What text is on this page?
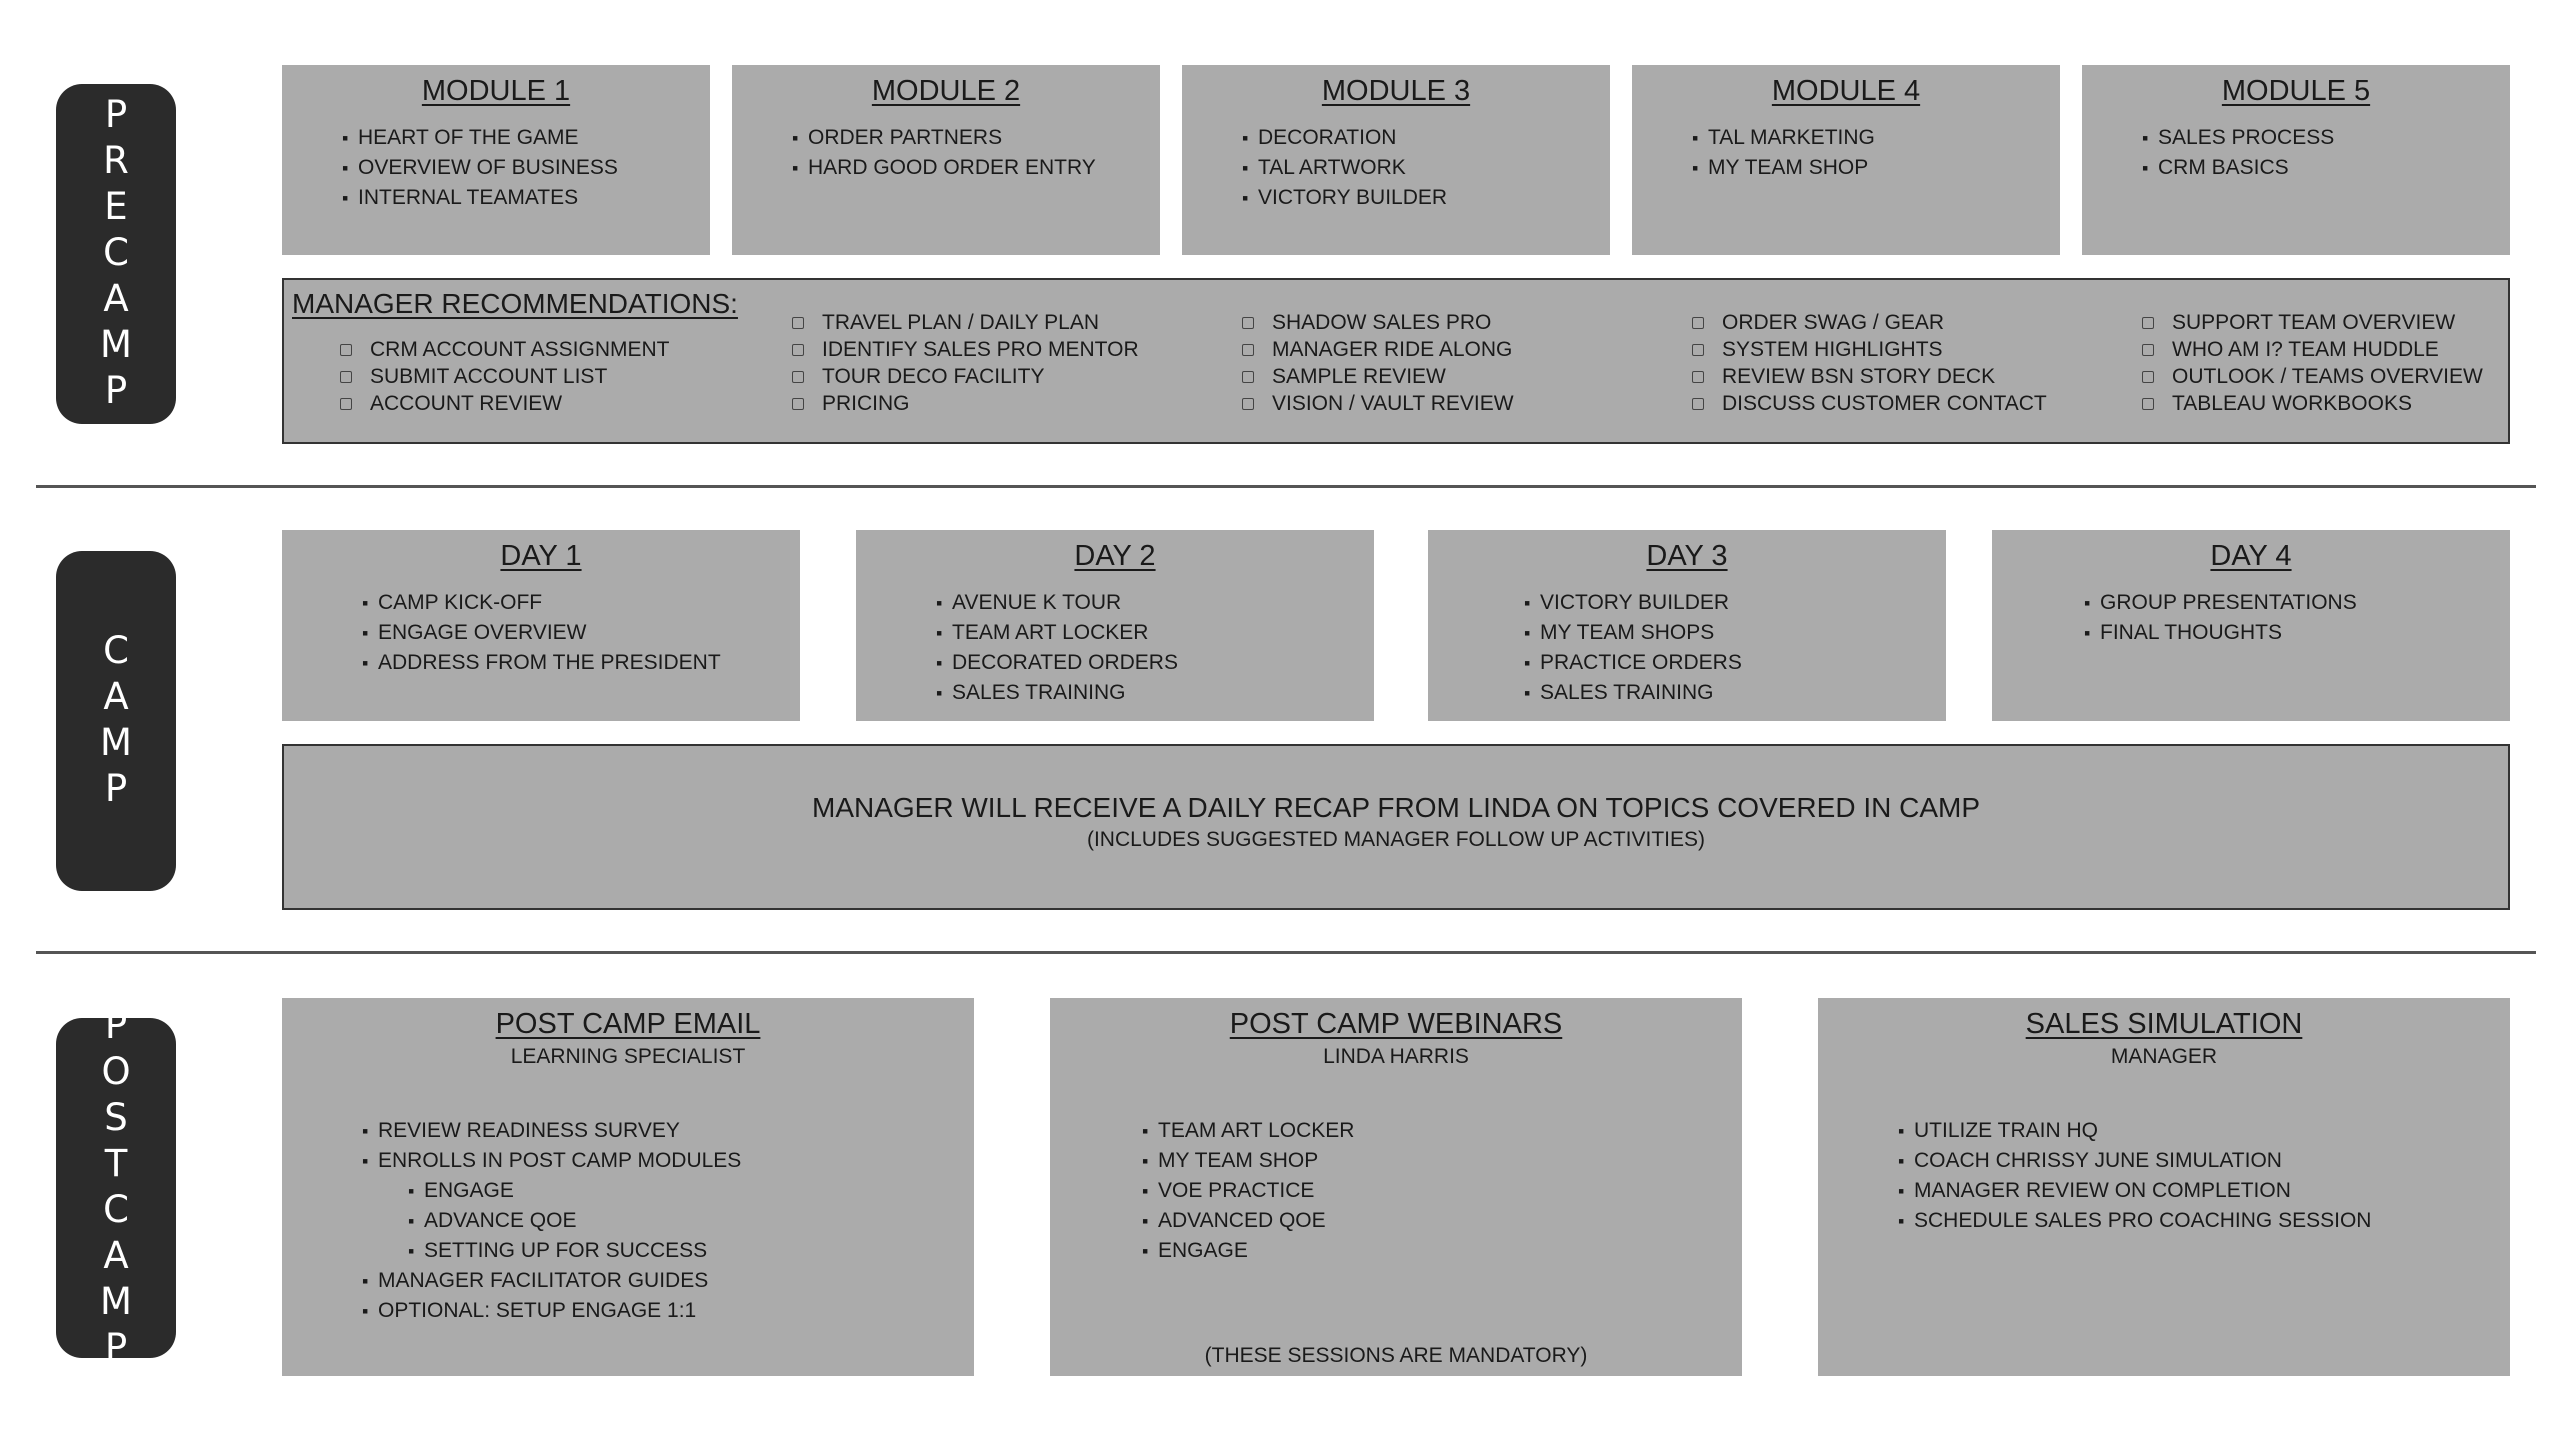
PRECAMP
CAMP
POSTCAMP
MODULE 1
▪ HEART OF THE GAME
▪ OVERVIEW OF BUSINESS
▪ INTERNAL TEAMATES
MODULE 2
▪ ORDER PARTNERS
▪ HARD GOOD ORDER ENTRY
MODULE 3
▪ DECORATION
▪ TAL ARTWORK
▪ VICTORY BUILDER
MODULE 4
▪ TAL MARKETING
▪ MY TEAM SHOP
MODULE 5
▪ SALES PROCESS
▪ CRM BASICS
MANAGER RECOMMENDATIONS:
CRM ACCOUNT ASSIGNMENT
SUBMIT ACCOUNT LIST
ACCOUNT REVIEW
TRAVEL PLAN / DAILY PLAN
IDENTIFY SALES PRO MENTOR
TOUR DECO FACILITY
PRICING
SHADOW SALES PRO
MANAGER RIDE ALONG
SAMPLE REVIEW
VISION / VAULT REVIEW
ORDER SWAG / GEAR
SYSTEM HIGHLIGHTS
REVIEW BSN STORY DECK
DISCUSS CUSTOMER CONTACT
SUPPORT TEAM OVERVIEW
WHO AM I? TEAM HUDDLE
OUTLOOK / TEAMS OVERVIEW
TABLEAU WORKBOOKS
DAY 1
▪ CAMP KICK-OFF
▪ ENGAGE OVERVIEW
▪ ADDRESS FROM THE PRESIDENT
DAY 2
▪ AVENUE K TOUR
▪ TEAM ART LOCKER
▪ DECORATED ORDERS
▪ SALES TRAINING
DAY 3
▪ VICTORY BUILDER
▪ MY TEAM SHOPS
▪ PRACTICE ORDERS
▪ SALES TRAINING
DAY 4
▪ GROUP PRESENTATIONS
▪ FINAL THOUGHTS
MANAGER WILL RECEIVE A DAILY RECAP FROM LINDA ON TOPICS COVERED IN CAMP
(INCLUDES SUGGESTED MANAGER FOLLOW UP ACTIVITIES)
POST CAMP EMAIL
LEARNING SPECIALIST
▪ REVIEW READINESS SURVEY
▪ ENROLLS IN POST CAMP MODULES
▪ ENGAGE
▪ ADVANCE QOE
▪ SETTING UP FOR SUCCESS
▪ MANAGER FACILITATOR GUIDES
▪ OPTIONAL: SETUP ENGAGE 1:1
POST CAMP WEBINARS
LINDA HARRIS
▪ TEAM ART LOCKER
▪ MY TEAM SHOP
▪ VOE PRACTICE
▪ ADVANCED QOE
▪ ENGAGE
(THESE SESSIONS ARE MANDATORY)
SALES SIMULATION
MANAGER
▪ UTILIZE TRAIN HQ
▪ COACH CHRISSY JUNE SIMULATION
▪ MANAGER REVIEW ON COMPLETION
▪ SCHEDULE SALES PRO COACHING SESSION
